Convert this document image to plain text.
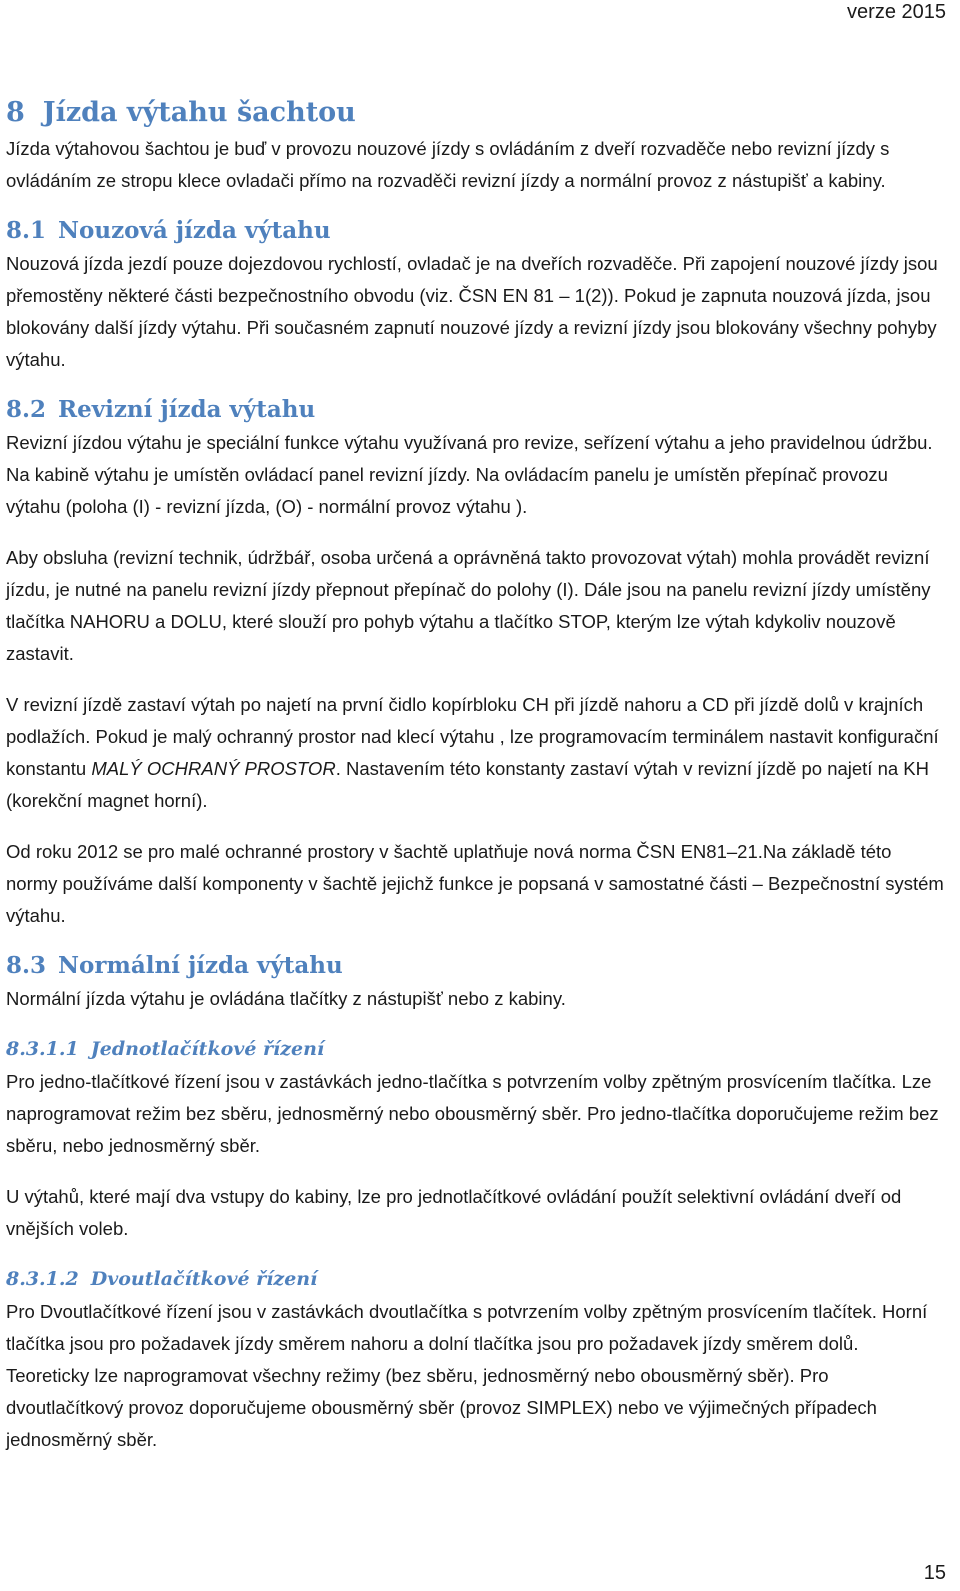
verze 2015
8 Jízda výtahu šachtou

Jízda výtahovou šachtou je buď v provozu nouzové jízdy s ovládáním z dveří rozvaděče nebo revizní jízdy s ovládáním ze stropu klece ovladači přímo na rozvaděči revizní jízdy a normální provoz z nástupišť a kabiny.

8.1 Nouzová jízda výtahu

Nouzová jízda jezdí pouze dojezdovou rychlostí, ovladač je na dveřích rozvaděče. Při zapojení nouzové jízdy jsou přemostěny některé části bezpečnostního obvodu (viz. ČSN EN 81 – 1(2)). Pokud je zapnuta nouzová jízda, jsou blokovány další jízdy výtahu. Při současném zapnutí nouzové jízdy a revizní jízdy jsou blokovány všechny pohyby výtahu.

8.2 Revizní jízda výtahu

Revizní jízdou výtahu je speciální funkce výtahu využívaná pro revize, seřízení výtahu a jeho pravidelnou údržbu. Na kabině výtahu je umístěn ovládací panel revizní jízdy. Na ovládacím panelu je umístěn přepínač provozu výtahu (poloha (I) - revizní jízda, (O) - normální provoz výtahu ).

Aby obsluha (revizní technik, údržbář, osoba určená a oprávněná takto provozovat výtah) mohla provádět revizní jízdu, je nutné na panelu revizní jízdy přepnout přepínač do polohy (I). Dále jsou na panelu revizní jízdy umístěny tlačítka NAHORU a DOLU, které slouží pro pohyb výtahu a tlačítko STOP, kterým lze výtah kdykoliv nouzově zastavit.

V revizní jízdě zastaví výtah po najetí na první čidlo kopírbloku CH při jízdě nahoru a CD při jízdě dolů v krajních podlažích. Pokud je malý ochranný prostor nad klecí výtahu , lze programovacím terminálem nastavit konfigurační konstantu MALÝ OCHRANÝ PROSTOR. Nastavením této konstanty zastaví výtah v revizní jízdě po najetí na KH (korekční magnet horní).

Od roku 2012 se pro malé ochranné prostory v šachtě uplatňuje nová norma ČSN EN81–21.Na základě této normy používáme další komponenty v šachtě jejichž funkce je popsaná v samostatné části – Bezpečnostní systém výtahu.

8.3 Normální jízda výtahu

Normální jízda výtahu je ovládána tlačítky z nástupišť nebo z kabiny.

8.3.1.1 Jednotlačítkové řízení

Pro jedno-tlačítkové řízení jsou v zastávkách jedno-tlačítka s potvrzením volby zpětným prosvícením tlačítka. Lze naprogramovat režim bez sběru, jednosměrný nebo obousměrný sběr. Pro jedno-tlačítka doporučujeme režim bez sběru, nebo jednosměrný sběr.

U výtahů, které mají dva vstupy do kabiny, lze pro jednotlačítkové ovládání použít selektivní ovládání dveří od vnějších voleb.

8.3.1.2 Dvoutlačítkové řízení

Pro Dvoutlačítkové řízení jsou v zastávkách dvoutlačítka s potvrzením volby zpětným prosvícením tlačítek. Horní tlačítka jsou pro požadavek jízdy směrem nahoru a dolní tlačítka jsou pro požadavek jízdy směrem dolů. Teoreticky lze naprogramovat všechny režimy (bez sběru, jednosměrný nebo obousměrný sběr). Pro dvoutlačítkový provoz doporučujeme obousměrný sběr (provoz SIMPLEX) nebo ve výjimečných případech jednosměrný sběr.

15
